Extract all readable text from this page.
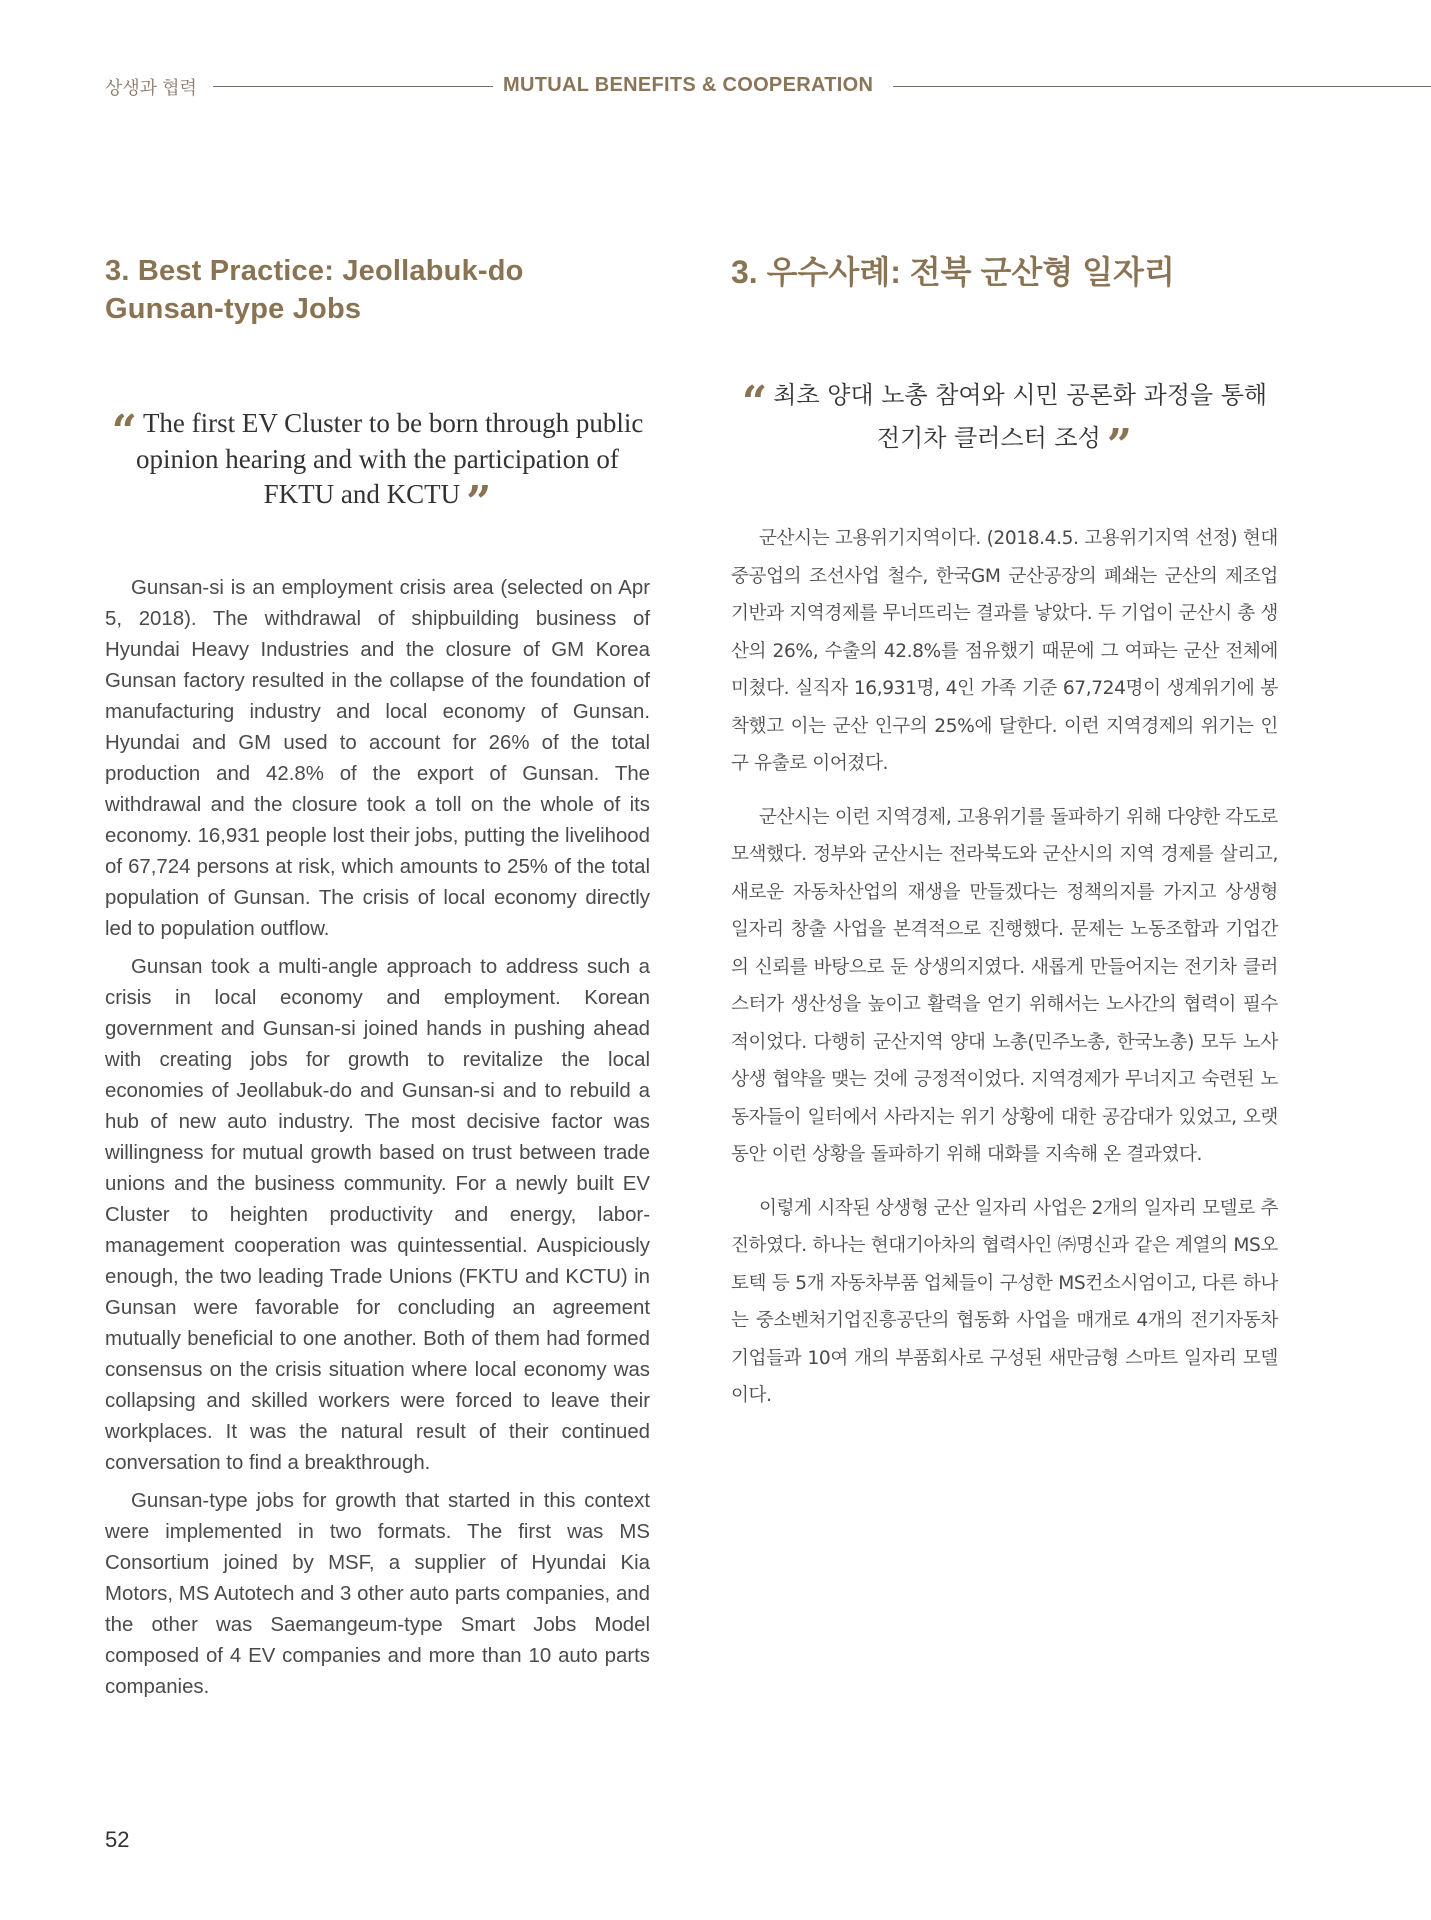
상생과 협력	MUTUAL BENEFITS & COOPERATION
3. Best Practice: Jeollabuk-do Gunsan-type Jobs
“ The first EV Cluster to be born through public opinion hearing and with the participation of FKTU and KCTU ”

Gunsan-si is an employment crisis area (selected on Apr 5, 2018). The withdrawal of shipbuilding business of Hyundai Heavy Industries and the closure of GM Korea Gunsan factory resulted in the collapse of the foundation of manufacturing industry and local economy of Gunsan. Hyundai and GM used to account for 26% of the total production and 42.8% of the export of Gunsan. The withdrawal and the closure took a toll on the whole of its economy. 16,931 people lost their jobs, putting the livelihood of 67,724 persons at risk, which amounts to 25% of the total population of Gunsan. The crisis of local economy directly led to population outflow.

Gunsan took a multi-angle approach to address such a crisis in local economy and employment. Korean government and Gunsan-si joined hands in pushing ahead with creating jobs for growth to revitalize the local economies of Jeollabuk-do and Gunsan-si and to rebuild a hub of new auto industry. The most decisive factor was willingness for mutual growth based on trust between trade unions and the business community. For a newly built EV Cluster to heighten productivity and energy, labor-management cooperation was quintessential. Auspiciously enough, the two leading Trade Unions (FKTU and KCTU) in Gunsan were favorable for concluding an agreement mutually beneficial to one another. Both of them had formed consensus on the crisis situation where local economy was collapsing and skilled workers were forced to leave their workplaces. It was the natural result of their continued conversation to find a breakthrough.

Gunsan-type jobs for growth that started in this context were implemented in two formats. The first was MS Consortium joined by MSF, a supplier of Hyundai Kia Motors, MS Autotech and 3 other auto parts companies, and the other was Saemangeum-type Smart Jobs Model composed of 4 EV companies and more than 10 auto parts companies.

3. 우수사례: 전북 군산형 일자리
“ 최초 양대 노총 참여와 시민 공론화 과정을 통해 전기차 클러스터 조성 ”

군산시는 고용위기지역이다. (2018.4.5. 고용위기지역 선정) 현대중공업의 조선사업 철수, 한국GM 군산공장의 폐쇄는 군산의 제조업 기반과 지역경제를 무너뜨리는 결과를 낳았다. 두 기업이 군산시 총 생산의 26%, 수출의 42.8%를 점유했기 때문에 그 여파는 군산 전체에 미쳤다. 실직자 16,931명, 4인 가족 기준 67,724명이 생계위기에 봉착했고 이는 군산 인구의 25%에 달한다. 이런 지역경제의 위기는 인구 유출로 이어졌다.

군산시는 이런 지역경제, 고용위기를 돌파하기 위해 다양한 각도로 모색했다. 정부와 군산시는 전라북도와 군산시의 지역 경제를 살리고, 새로운 자동차산업의 재생을 만들겠다는 정책의지를 가지고 상생형 일자리 창출 사업을 본격적으로 진행했다. 문제는 노동조합과 기업간의 신뢰를 바탕으로 둔 상생의지였다. 새롭게 만들어지는 전기차 클러스터가 생산성을 높이고 활력을 얻기 위해서는 노사간의 협력이 필수적이었다. 다행히 군산지역 양대 노총(민주노총, 한국노총) 모두 노사상생 협약을 맺는 것에 긍정적이었다. 지역경제가 무너지고 숙련된 노동자들이 일터에서 사라지는 위기 상황에 대한 공감대가 있었고, 오랫동안 이런 상황을 돌파하기 위해 대화를 지속해 온 결과였다.

이렇게 시작된 상생형 군산 일자리 사업은 2개의 일자리 모델로 추진하였다. 하나는 현대기아차의 협력사인 ㈜명신과 같은 계열의 MS오토텍 등 5개 자동차부품 업체들이 구성한 MS컨소시엄이고, 다른 하나는 중소벤처기업진흥공단의 협동화 사업을 매개로 4개의 전기자동차 기업들과 10여 개의 부품회사로 구성된 새만금형 스마트 일자리 모델이다.

52
